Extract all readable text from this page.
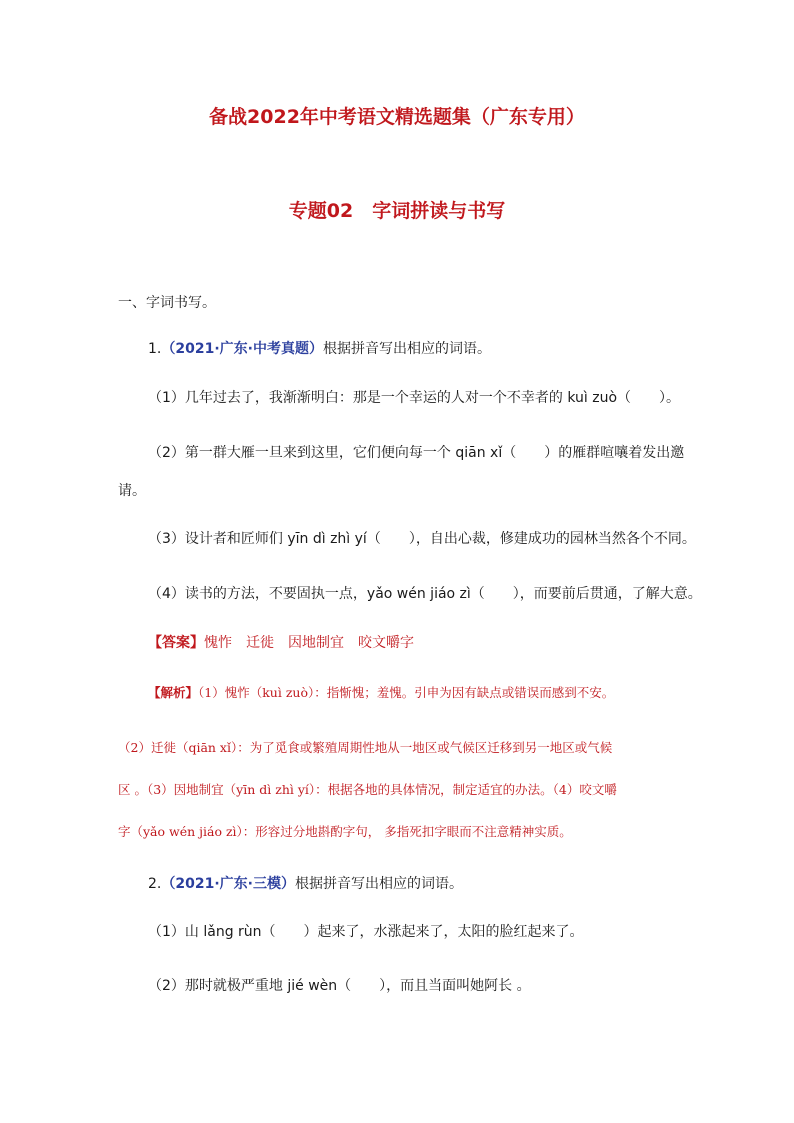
备战2022年中考语文精选题集（广东专用）
专题02　字词拼读与书写
一、字词书写。
1.（2021·广东·中考真题）根据拼音写出相应的词语。
（1）几年过去了，我渐渐明白：那是一个幸运的人对一个不幸者的 kuì zuò（　　）。
（2）第一群大雁一旦来到这里，它们便向每一个 qiān xǐ（　　）的雁群喧嚷着发出邀
请。
（3）设计者和匠师们 yīn dì zhì yí（　　），自出心裁，修建成功的园林当然各个不同。
（4）读书的方法，不要固执一点，yǎo wén jiáo zì（　　），而要前后贯通，了解大意。
【答案】愧怍　迁徙　因地制宜　咬文嚼字
【解析】（1）愧怍（kuì zuò）：指惭愧；羞愧。引申为因有缺点或错误而感到不安。
（2）迁徙（qiān xǐ）：为了觅食或繁殖周期性地从一地区或气候区迁移到另一地区或气候
区 。（3）因地制宜（yīn dì zhì yí）：根据各地的具体情况，制定适宜的办法。（4）咬文嚼
字（yǎo wén jiáo zì）：形容过分地斟酌字句， 多指死扣字眼而不注意精神实质。
2.（2021·广东·三模）根据拼音写出相应的词语。
（1）山 lǎng rùn（　　）起来了，水涨起来了，太阳的脸红起来了。
（2）那时就极严重地 jié wèn（　　），而且当面叫她阿长 。
